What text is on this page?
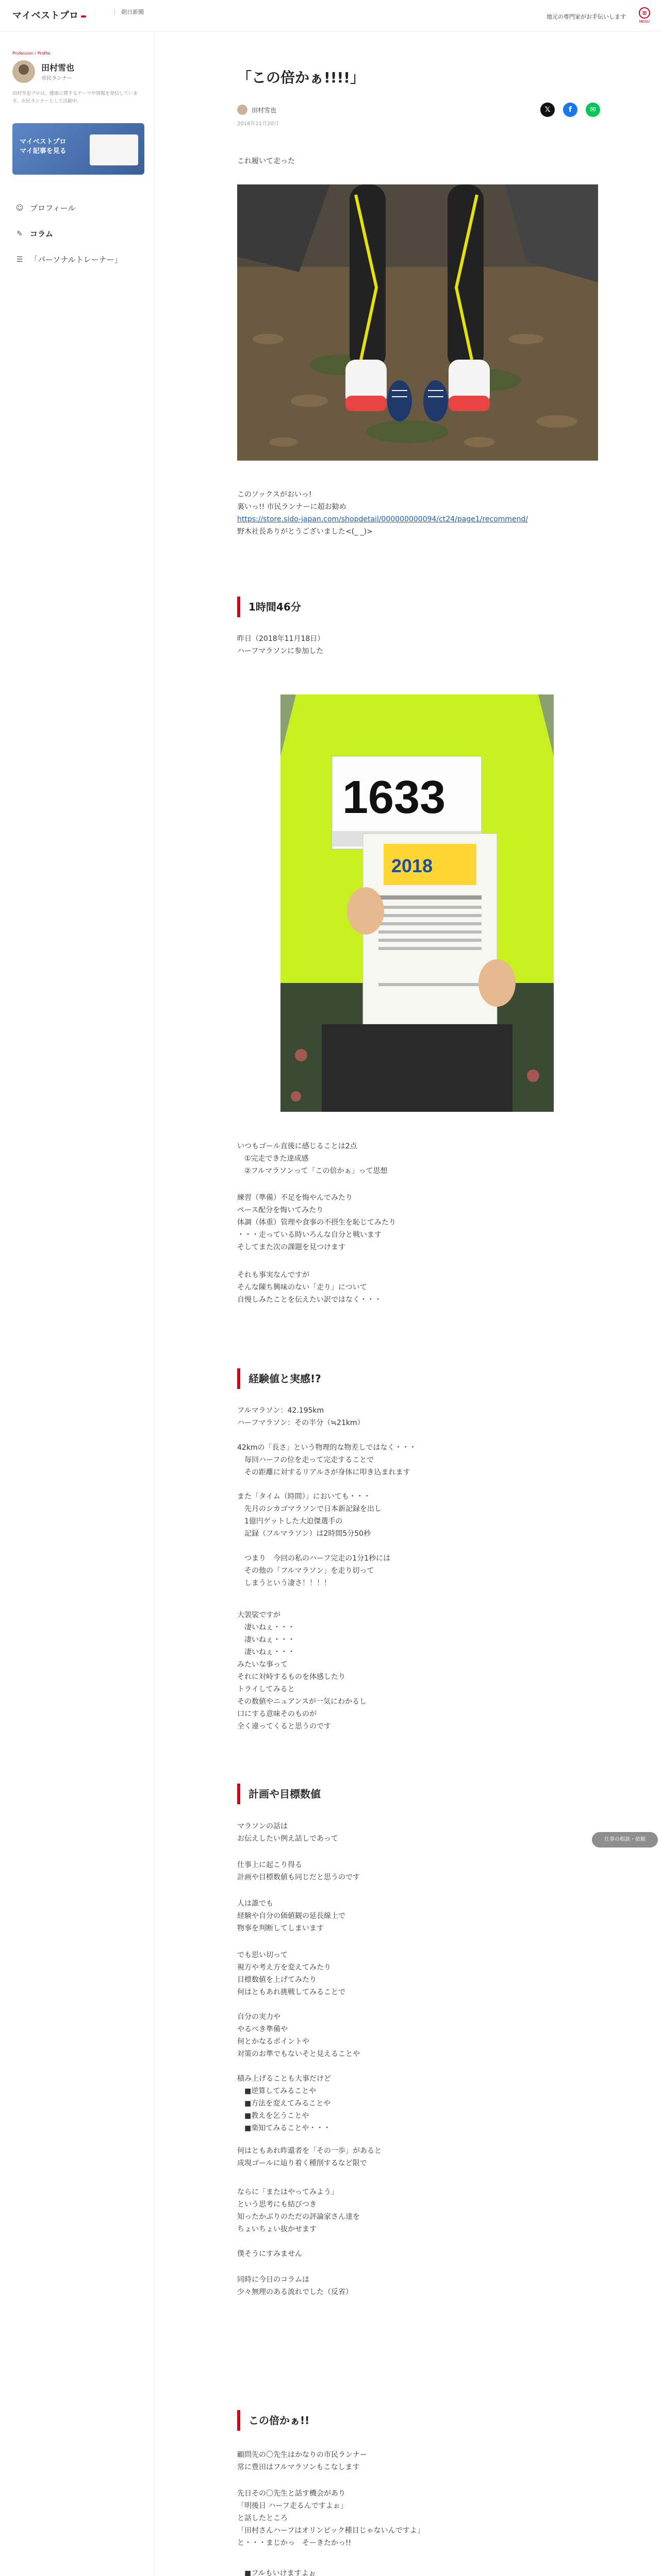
マイベストプロ	朝日新聞
地元の専門家がお手伝いします
≡
MENU
Profession / Profile
田村雪也
市民ランナー
田村雪也プロは、健康に関するテーマや情報を発信しています。市民ランナーとして活動中。
マイベストプロ
マイ記事を見る
☺ プロフィール
✎ コラム
☰ 「パーソナルトレーナー」
「この倍かぁ!!!!」
田村雪也
2018年11月20日
𝕏	f	✉
これ履いて走った
このソックスがおいっ!
裏いっ!! 市民ランナーに超お勧め
https://store.sido-japan.com/shopdetail/000000000094/ct24/page1/recommend/
野木社長ありがとうございました<(_ _)>
1時間46分
昨日（2018年11月18日）
ハーフマラソンに参加した
1633
2018
いつもゴール直後に感じることは2点
　①完走できた達成感
　②フルマラソンって「この倍かぁ」って思想
練習（準備）不足を悔やんでみたり
ペース配分を悔いてみたり
体調（体重）管理や食事の不摂生を恥じてみたり
・・・走っている時いろんな自分と戦います
そしてまた次の課題を見つけます
それも事実なんですが
そんな陳ち興味のない「走り」について
自慢しみたことを伝えたい訳ではなく・・・
経験値と実感!?
フルマラソン：42.195km
ハーフマラソン：その半分（≒21km）
42kmの「長さ」という物理的な物差しではなく・・・
　毎回ハーフの位を走って完走することで
　その距離に対するリアルさが身体に叩き込まれます
また「タイム（時間）」においても・・・
　先月のシカゴマラソンで日本新記録を出し
　1億円ゲットした大迫傑選手の
　記録（フルマラソン）は2時間5分50秒
　つまり　今回の私のハーフ完走の1分1秒には
　その他の「フルマラソン」を走り切って
　しまうという凄さ！！！！
大袈裟ですが
　凄いねぇ・・・
　凄いねぇ・・・
　凄いねぇ・・・
みたいな事って
それに対峙するものを体感したり
トライしてみると
その数値やニュアンスが一気にわかるし
口にする意味そのものが
全く違ってくると思うのです
計画や目標数値
マラソンの話は
お伝えしたい例え話しであって
仕事上に起こり得る
計画や目標数値も同じだと思うのです
人は誰でも
経験や自分の価値観の延長線上で
物事を判断してしまいます
でも思い切って
視方や考え方を変えてみたり
目標数値を上げてみたり
何はともあれ挑戦してみることで
自分の実力や
やるべき準備や
何とかなるポイントや
対策のお準でもないそと見えることや
積み上げることも大事だけど
　■逆算してみることや
　■方法を変えてみることや
　■教えを乞うことや
　■楽知てみることや・・・
何はともあれ昨還者を「その一歩」があると
成現ゴールに辿り着く種削するなど限で
ならに「またはやってみよう」
という思考にも結びつき
知ったかぶりのただの評論家さん達を
ちょいちょい抜かせます
僕そうにすみません
同時に今日のコラムは
少々無理のある流れでした（反省）
この倍かぁ!!
顧問先の〇先生はかなりの市民ランナー
常に豊田はフルマラソンもこなします
先日その〇先生と話す機会があり
「明後日 ハーフ走るんですよぉ」
と話したところ
「田村さんハーフはオリンピック種目じゃないんですよ」
と・・・まじかっ　そーきたかっ!!
　■フルもいけますよぉ

仕事の相談・依頼
